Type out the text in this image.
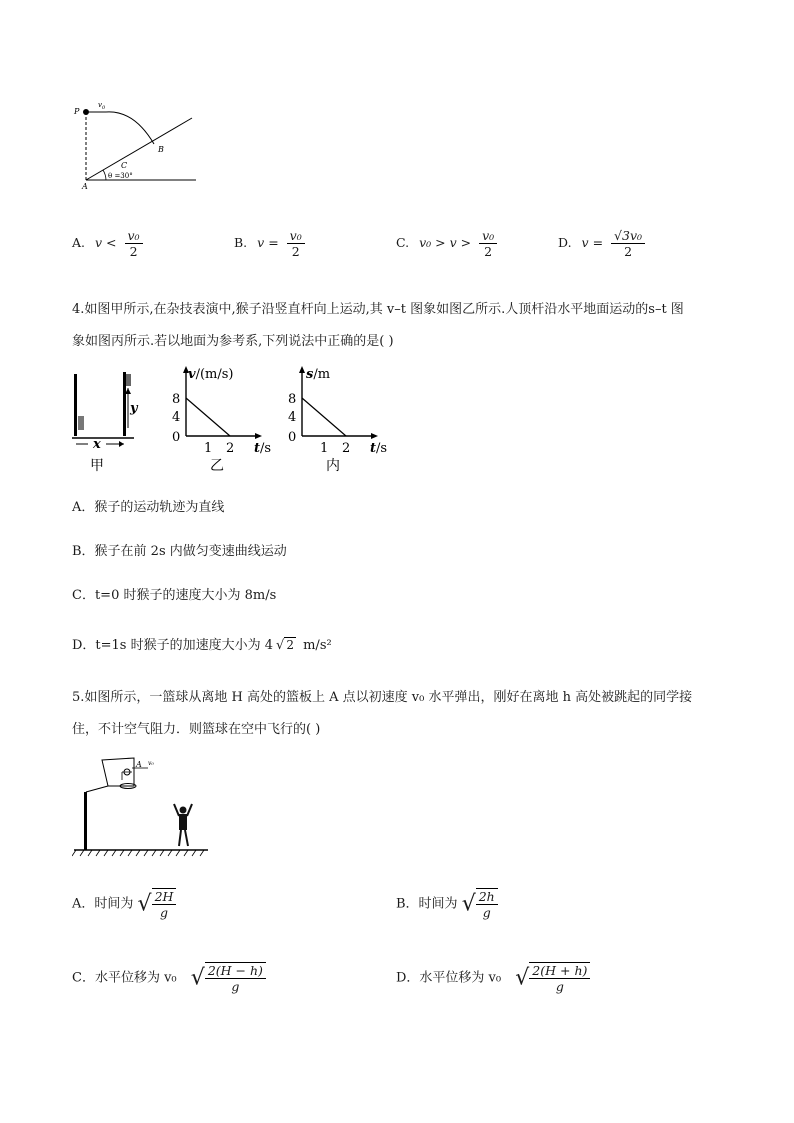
P
$v_0$
B
C
A
θ =30°
A. $v < \frac{\text{v₀}}{2}$	B. $v = \frac{\text{v₀}}{2}$	C. $v_0 > v > \frac{\text{v₀}}{2}$	D. $v = \frac{\text{√3v₀}}{2}$
4.如图甲所示,在杂技表演中,猴子沿竖直杆向上运动,其 v–t 图象如图乙所示.人顶杆沿水平地面运动的s–t 图
象如图丙所示.若以地面为参考系,下列说法中正确的是( )
x
y
甲
v/(m/s)
8
4
0
1 2 t/s
乙
s/m
8
4
0
1 2 t/s
内
A．猴子的运动轨迹为直线
B．猴子在前 2s 内做匀变速曲线运动
C．t=0 时猴子的速度大小为 8m/s
D．t=1s 时猴子的加速度大小为 4 √ 2 m/s²
5.如图所示，一篮球从离地 H 高处的篮板上 A 点以初速度 v₀ 水平弹出，刚好在离地 h 高处被跳起的同学接
住，不计空气阻力．则篮球在空中飞行的( )
A v₀
A．时间为 √ $\frac{2H}{g}$	B．时间为 √ $\frac{2h}{g}$
C．水平位移为 v₀ √ $\frac{2(H - h)}{g}$	D．水平位移为 v₀ √ $\frac{2(H + h)}{g}$
